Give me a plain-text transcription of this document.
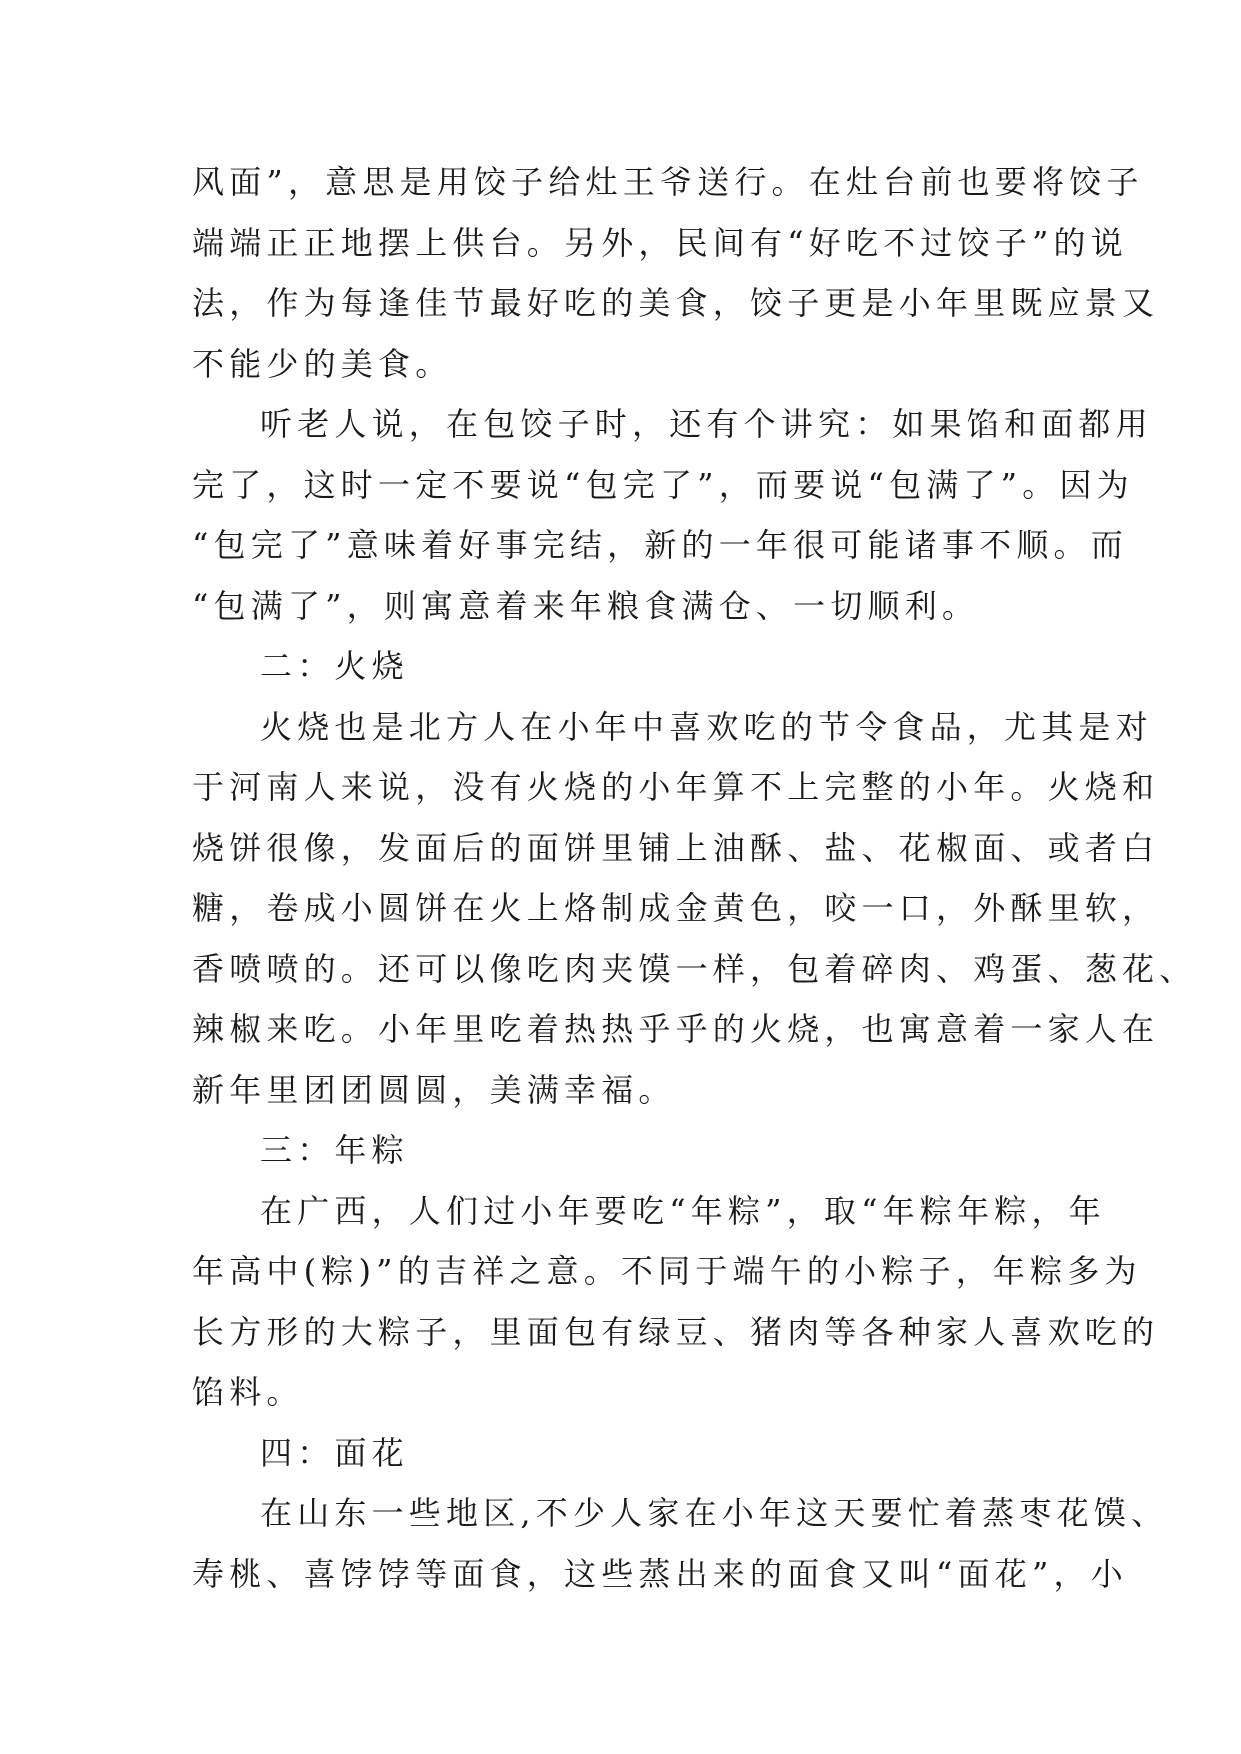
风面”，意思是用饺子给灶王爷送行。在灶台前也要将饺子
端端正正地摆上供台。另外，民间有“好吃不过饺子”的说
法，作为每逢佳节最好吃的美食，饺子更是小年里既应景又
不能少的美食。
听老人说，在包饺子时，还有个讲究：如果馅和面都用
完了，这时一定不要说“包完了”，而要说“包满了”。因为
“包完了”意味着好事完结，新的一年很可能诸事不顺。而
“包满了”，则寓意着来年粮食满仓、一切顺利。
二：火烧
火烧也是北方人在小年中喜欢吃的节令食品，尤其是对
于河南人来说，没有火烧的小年算不上完整的小年。火烧和
烧饼很像，发面后的面饼里铺上油酥、盐、花椒面、或者白
糖，卷成小圆饼在火上烙制成金黄色，咬一口，外酥里软，
香喷喷的。还可以像吃肉夹馍一样，包着碎肉、鸡蛋、葱花、
辣椒来吃。小年里吃着热热乎乎的火烧，也寓意着一家人在
新年里团团圆圆，美满幸福。
三：年粽
在广西，人们过小年要吃“年粽”，取“年粽年粽，年
年高中(粽)”的吉祥之意。不同于端午的小粽子，年粽多为
长方形的大粽子，里面包有绿豆、猪肉等各种家人喜欢吃的
馅料。
四：面花
在山东一些地区,不少人家在小年这天要忙着蒸枣花馍、
寿桃、喜饽饽等面食，这些蒸出来的面食又叫“面花”，小
